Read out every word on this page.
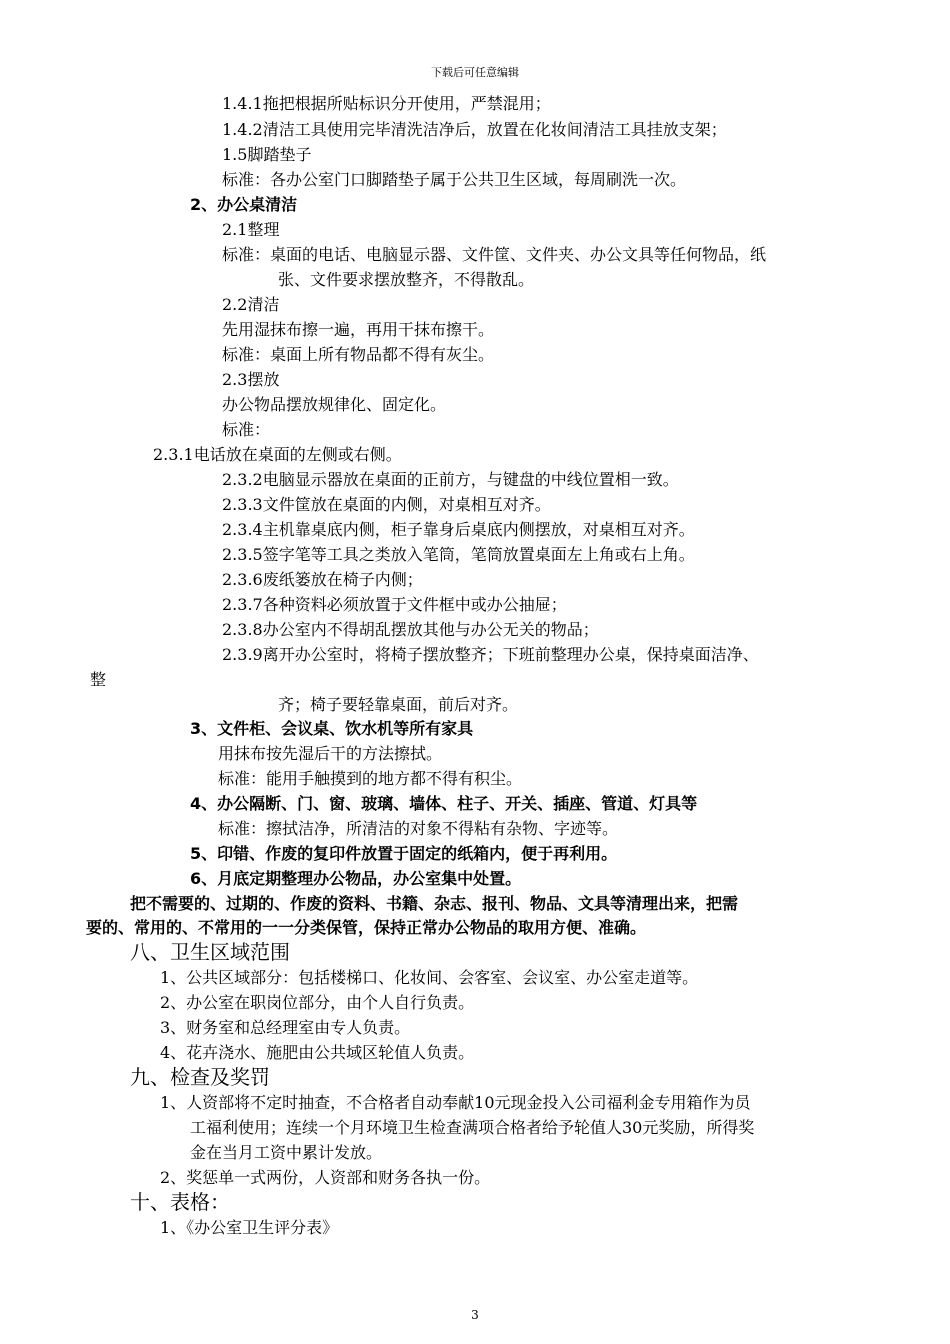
下载后可任意编辑
1.4.1拖把根据所贴标识分开使用，严禁混用；
1.4.2清洁工具使用完毕清洗洁净后，放置在化妆间清洁工具挂放支架；
1.5脚踏垫子
标准：各办公室门口脚踏垫子属于公共卫生区域，每周刷洗一次。
2、办公桌清洁
2.1整理
标准：桌面的电话、电脑显示器、文件筐、文件夹、办公文具等任何物品，纸
张、文件要求摆放整齐，不得散乱。
2.2清洁
先用湿抹布擦一遍，再用干抹布擦干。
标准：桌面上所有物品都不得有灰尘。
2.3摆放
办公物品摆放规律化、固定化。
标准：
2.3.1电话放在桌面的左侧或右侧。
2.3.2电脑显示器放在桌面的正前方，与键盘的中线位置相一致。
2.3.3文件筐放在桌面的内侧，对桌相互对齐。
2.3.4主机靠桌底内侧，柜子靠身后桌底内侧摆放，对桌相互对齐。
2.3.5签字笔等工具之类放入笔筒，笔筒放置桌面左上角或右上角。
2.3.6废纸篓放在椅子内侧；
2.3.7各种资料必须放置于文件框中或办公抽屉；
2.3.8办公室内不得胡乱摆放其他与办公无关的物品；
2.3.9离开办公室时，将椅子摆放整齐；下班前整理办公桌，保持桌面洁净、
整
齐；椅子要轻靠桌面，前后对齐。
3、文件柜、会议桌、饮水机等所有家具
用抹布按先湿后干的方法擦拭。
标准：能用手触摸到的地方都不得有积尘。
4、办公隔断、门、窗、玻璃、墙体、柱子、开关、插座、管道、灯具等
标准：擦拭洁净，所清洁的对象不得粘有杂物、字迹等。
5、印错、作废的复印件放置于固定的纸箱内，便于再利用。
6、月底定期整理办公物品，办公室集中处置。
把不需要的、过期的、作废的资料、书籍、杂志、报刊、物品、文具等清理出来，把需
要的、常用的、不常用的一一分类保管，保持正常办公物品的取用方便、准确。
八、卫生区域范围
1、公共区域部分：包括楼梯口、化妆间、会客室、会议室、办公室走道等。
2、办公室在职岗位部分，由个人自行负责。
3、财务室和总经理室由专人负责。
4、花卉浇水、施肥由公共域区轮值人负责。
九、检查及奖罚
1、人资部将不定时抽查，不合格者自动奉献10元现金投入公司福利金专用箱作为员
工福利使用；连续一个月环境卫生检查满项合格者给予轮值人30元奖励，所得奖
金在当月工资中累计发放。
2、奖惩单一式两份，人资部和财务各执一份。
十、表格：
1、《办公室卫生评分表》
3
